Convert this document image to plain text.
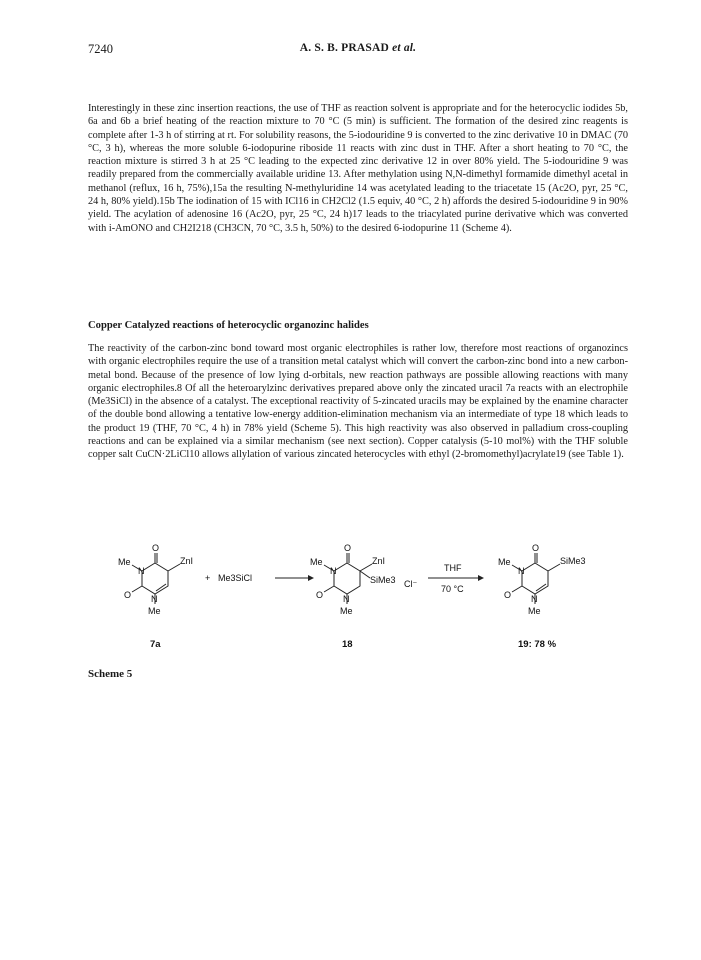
7240	A. S. B. PRASAD et al.

Interestingly in these zinc insertion reactions, the use of THF as reaction solvent is appropriate and for the heterocyclic iodides 5b, 6a and 6b a brief heating of the reaction mixture to 70 °C (5 min) is sufficient. The formation of the desired zinc reagents is complete after 1-3 h of stirring at rt. For solubility reasons, the 5-iodouridine 9 is converted to the zinc derivative 10 in DMAC (70 °C, 3 h), whereas the more soluble 6-iodopurine riboside 11 reacts with zinc dust in THF. After a short heating to 70 °C, the reaction mixture is stirred 3 h at 25 °C leading to the expected zinc derivative 12 in over 80% yield. The 5-iodouridine 9 was readily prepared from the commercially available uridine 13. After methylation using N,N-dimethyl formamide dimethyl acetal in methanol (reflux, 16 h, 75%),15a the resulting N-methyluridine 14 was acetylated leading to the triacetate 15 (Ac2O, pyr, 25 °C, 24 h, 80% yield).15b The iodination of 15 with ICl16 in CH2Cl2 (1.5 equiv, 40 °C, 2 h) affords the desired 5-iodouridine 9 in 90% yield. The acylation of adenosine 16 (Ac2O, pyr, 25 °C, 24 h)17 leads to the triacylated purine derivative which was converted with i-AmONO and CH2I218 (CH3CN, 70 °C, 3.5 h, 50%) to the desired 6-iodopurine 11 (Scheme 4).

Copper Catalyzed reactions of heterocyclic organozinc halides

The reactivity of the carbon-zinc bond toward most organic electrophiles is rather low, therefore most reactions of organozincs with organic electrophiles require the use of a transition metal catalyst which will convert the carbon-zinc bond into a new carbon-metal bond. Because of the presence of low lying d-orbitals, new reaction pathways are possible allowing reactions with many organic electrophiles.8 Of all the heteroarylzinc derivatives prepared above only the zincated uracil 7a reacts with an electrophile (Me3SiCl) in the absence of a catalyst. The exceptional reactivity of 5-zincated uracils may be explained by the enamine character of the double bond allowing a tentative low-energy addition-elimination mechanism via an intermediate of type 18 which leads to the product 19 (THF, 70 °C, 4 h) in 78% yield (Scheme 5). This high reactivity was also observed in palladium cross-coupling reactions and can be explained via a similar mechanism (see next section). Copper catalysis (5-10 mol%) with the THF soluble copper salt CuCN·2LiCl10 allows allylation of various zincated heterocycles with ethyl (2-bromomethyl)acrylate19 (see Table 1).

O
Me
N
ZnI
O N
Me
+ Me3SiCl
O
Me
N
ZnI
SiMe3 Cl⁻
O N
Me
THF
70 °C
O
Me
N
SiMe3
O N
Me
7a	18	19: 78 %

Scheme 5
